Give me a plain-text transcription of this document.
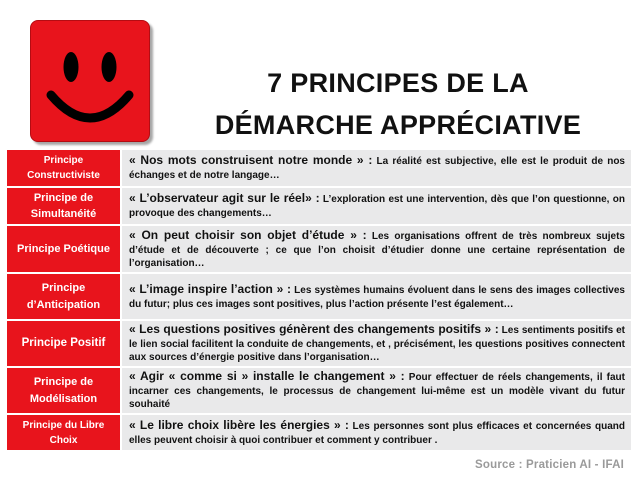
7 PRINCIPES DE LA
DÉMARCHE APPRÉCIATIVE
Principe Constructiviste
« Nos mots construisent notre monde » : La réalité est subjective, elle est le produit de nos échanges et de notre langage…
Principe de Simultanéité
« L’observateur agit sur le réel» : L’exploration est une intervention, dès que l’on questionne, on provoque des changements…
Principe Poétique
« On peut choisir son objet d’étude » : Les organisations offrent de très nombreux sujets d’étude et de découverte ; ce que l’on choisit d’étudier donne une certaine représentation de l’organisation…
Principe d’Anticipation
« L’image inspire l’action » : Les systèmes humains évoluent dans le sens des images collectives du futur; plus ces images sont positives, plus l’action présente l’est également…
Principe Positif
« Les questions positives génèrent des changements positifs » : Les sentiments positifs et le lien social facilitent la conduite de changements, et , précisément, les questions positives connectent aux sources d’énergie positive dans l’organisation…
Principe de Modélisation
« Agir « comme si » installe le changement » : Pour effectuer de réels changements, il faut incarner ces changements, le processus de changement lui-même est un modèle vivant du futur souhaité
Principe du Libre Choix
« Le libre choix libère les énergies » : Les personnes sont plus efficaces et concernées quand elles peuvent choisir à quoi contribuer et comment y contribuer .
Source : Praticien AI - IFAI
